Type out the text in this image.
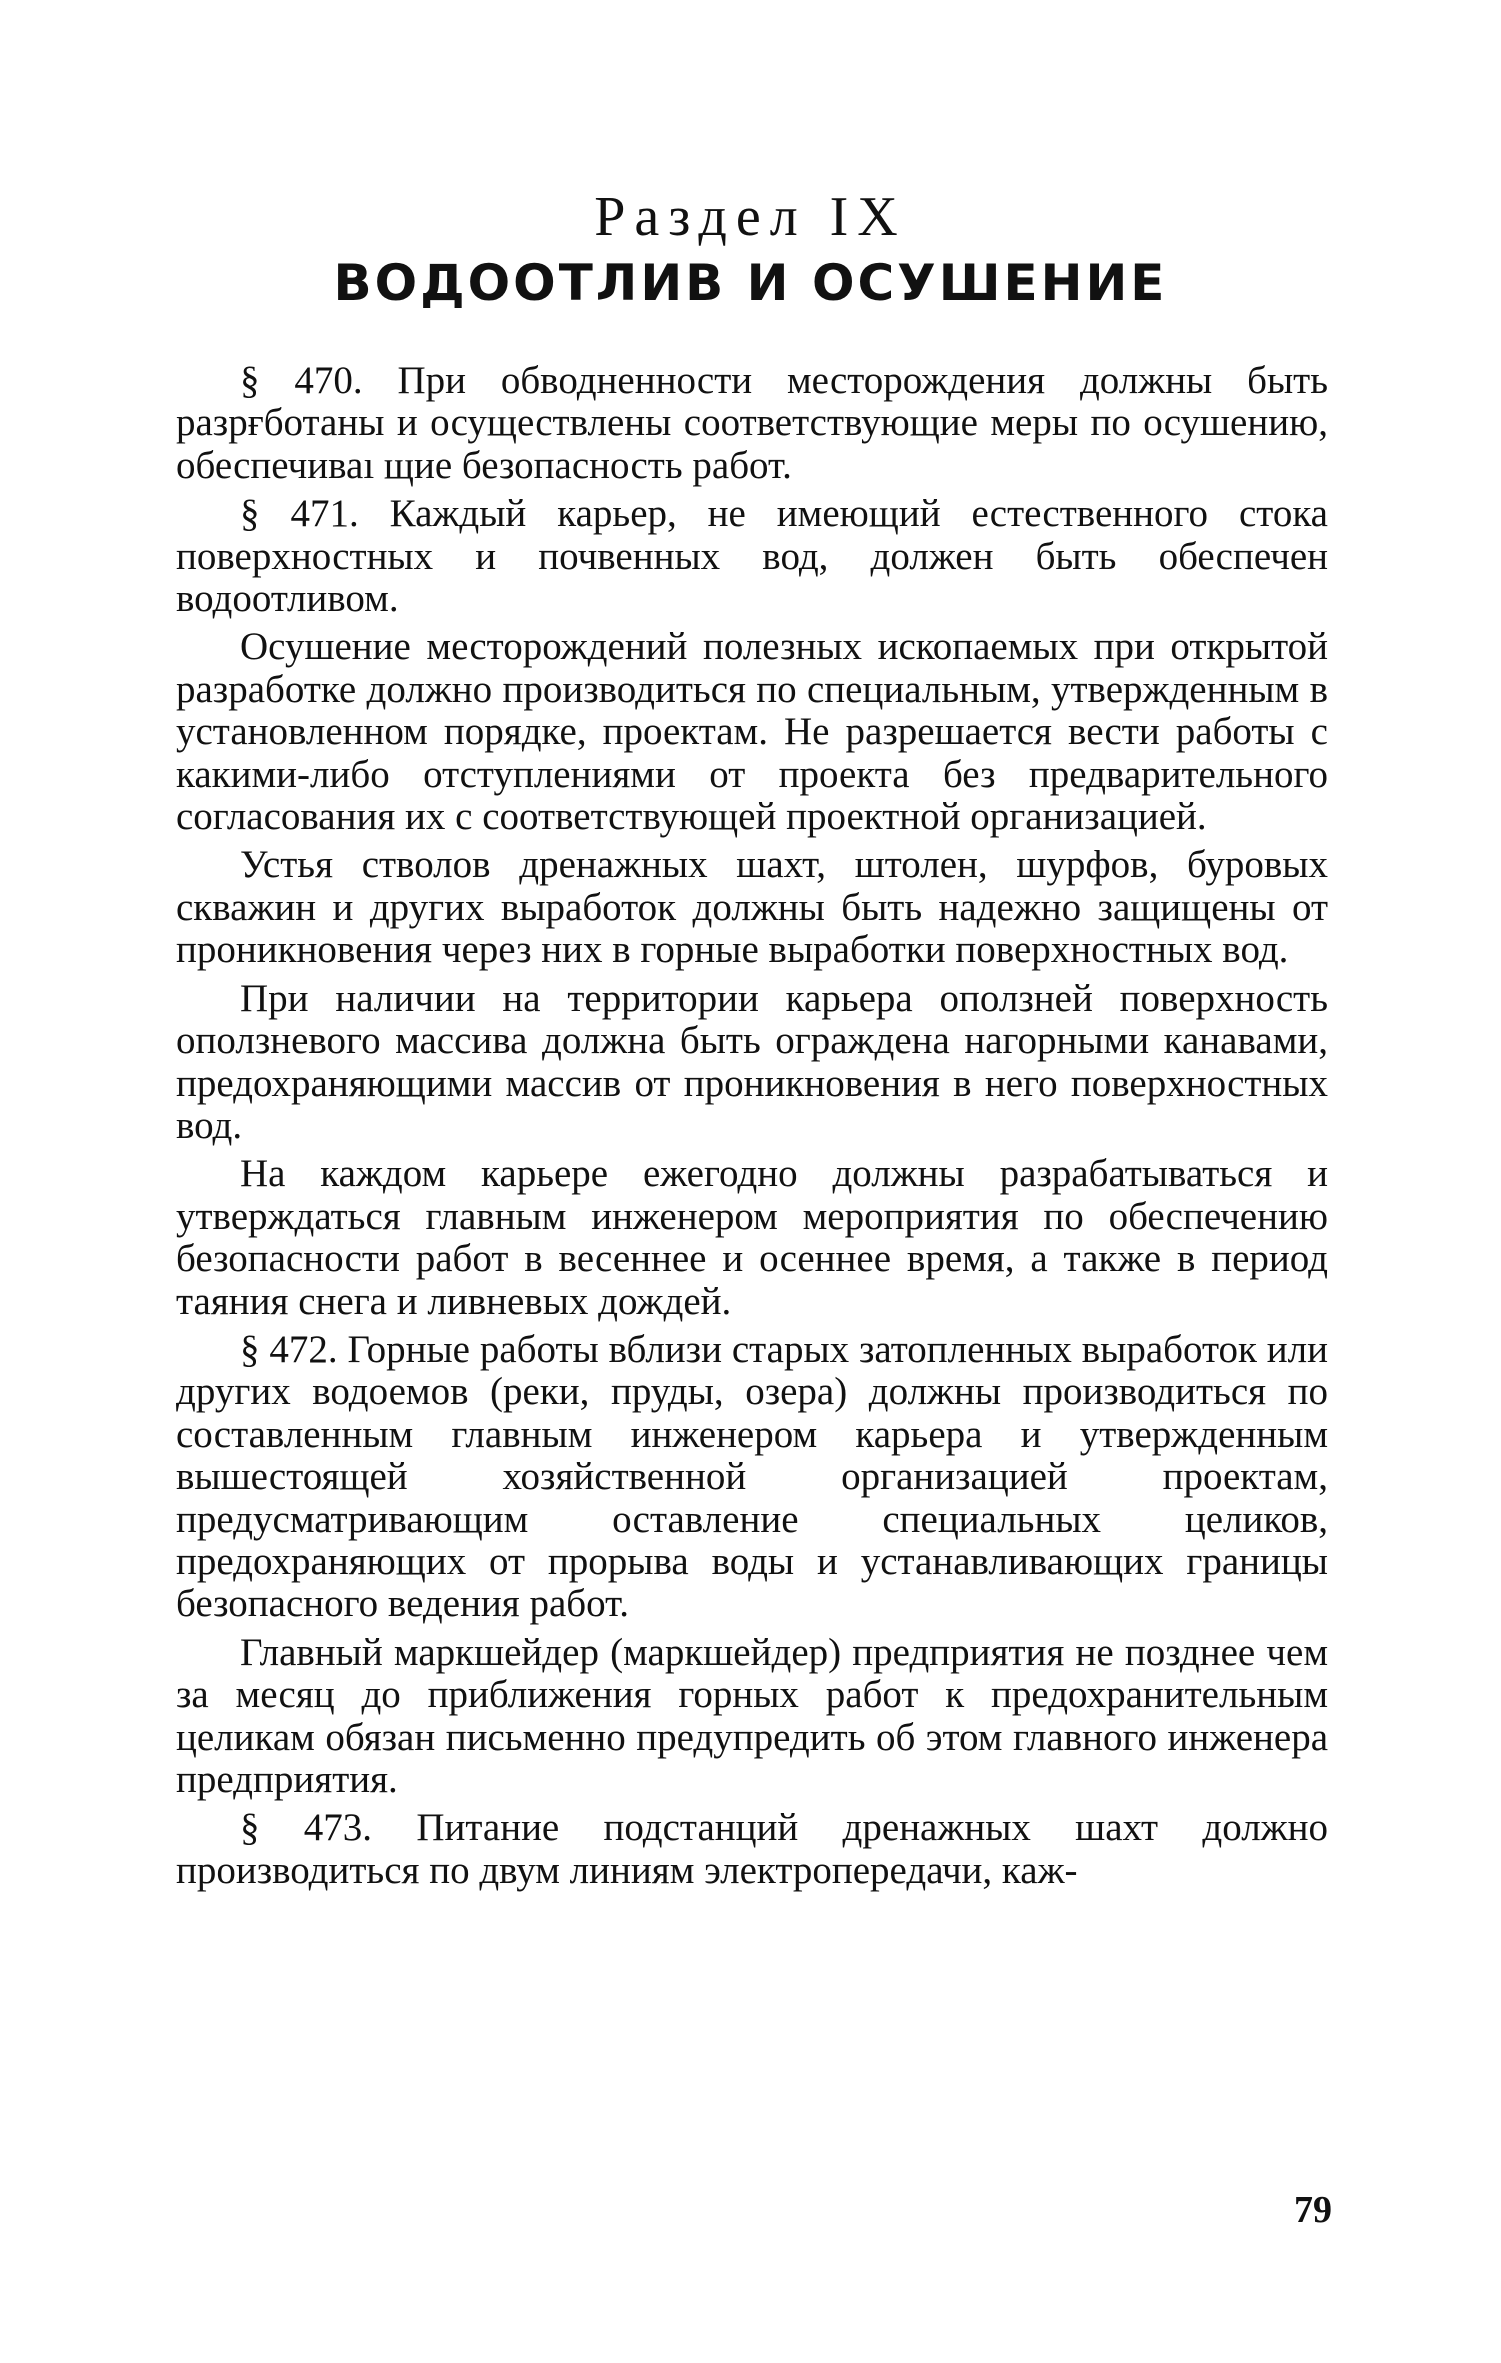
Раздел IX
ВОДООТЛИВ И ОСУШЕНИЕ

§ 470. При обводненности месторождения должны быть разрғботаны и осуществлены соответствующие меры по осушению, обеспечиваı щие безопасность работ.

§ 471. Каждый карьер, не имеющий естественного стока поверхностных и почвенных вод, должен быть обеспечен водоотливом.

Осушение месторождений полезных ископаемых при открытой разработке должно производиться по специальным, утвержденным в установленном порядке, проектам. Не разрешается вести работы с какими-либо отступлениями от проекта без предварительного согласования их с соответствующей проектной организацией.

Устья стволов дренажных шахт, штолен, шурфов, буровых скважин и других выработок должны быть надежно защищены от проникновения через них в горные выработки поверхностных вод.

При наличии на территории карьера оползней поверхность оползневого массива должна быть ограждена нагорными канавами, предохраняющими массив от проникновения в него поверхностных вод.

На каждом карьере ежегодно должны разрабатываться и утверждаться главным инженером мероприятия по обеспечению безопасности работ в весеннее и осеннее время, а также в период таяния снега и ливневых дождей.

§ 472. Горные работы вблизи старых затопленных выработок или других водоемов (реки, пруды, озера) должны производиться по составленным главным инженером карьера и утвержденным вышестоящей хозяйственной организацией проектам, предусматривающим оставление специальных целиков, предохраняющих от прорыва воды и устанавливающих границы безопасного ведения работ.

Главный маркшейдер (маркшейдер) предприятия не позднее чем за месяц до приближения горных работ к предохранительным целикам обязан письменно предупредить об этом главного инженера предприятия.

§ 473. Питание подстанций дренажных шахт должно производиться по двум линиям электропередачи, каж-

79
